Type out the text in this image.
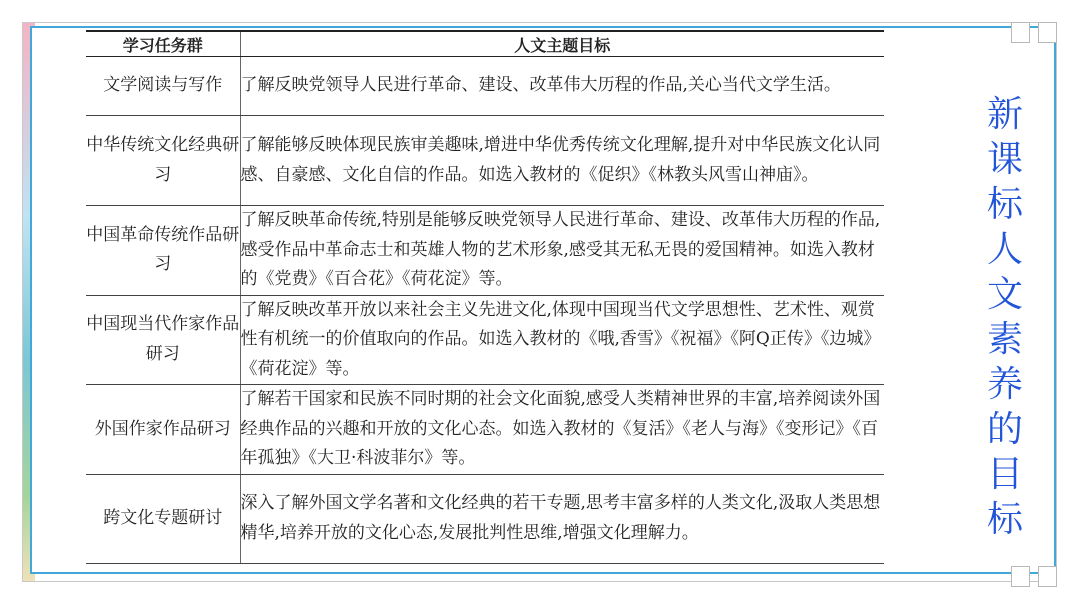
学习任务群	人文主题目标
文学阅读与写作	了解反映党领导人民进行革命、建设、改革伟大历程的作品,关心当代文学生活。
中华传统文化经典研习	了解能够反映体现民族审美趣味,增进中华优秀传统文化理解,提升对中华民族文化认同感、自豪感、文化自信的作品。如选入教材的《促织》《林教头风雪山神庙》。
中国革命传统作品研习	了解反映革命传统,特别是能够反映党领导人民进行革命、建设、改革伟大历程的作品,感受作品中革命志士和英雄人物的艺术形象,感受其无私无畏的爱国精神。如选入教材的《党费》《百合花》《荷花淀》等。
中国现当代作家作品研习	了解反映改革开放以来社会主义先进文化,体现中国现当代文学思想性、艺术性、观赏性有机统一的价值取向的作品。如选入教材的《哦,香雪》《祝福》《阿Q正传》《边城》《荷花淀》等。
外国作家作品研习	了解若干国家和民族不同时期的社会文化面貌,感受人类精神世界的丰富,培养阅读外国经典作品的兴趣和开放的文化心态。如选入教材的《复活》《老人与海》《变形记》《百年孤独》《大卫·科波菲尔》等。
跨文化专题研讨	深入了解外国文学名著和文化经典的若干专题,思考丰富多样的人类文化,汲取人类思想精华,培养开放的文化心态,发展批判性思维,增强文化理解力。
新课标人文素养的目标
